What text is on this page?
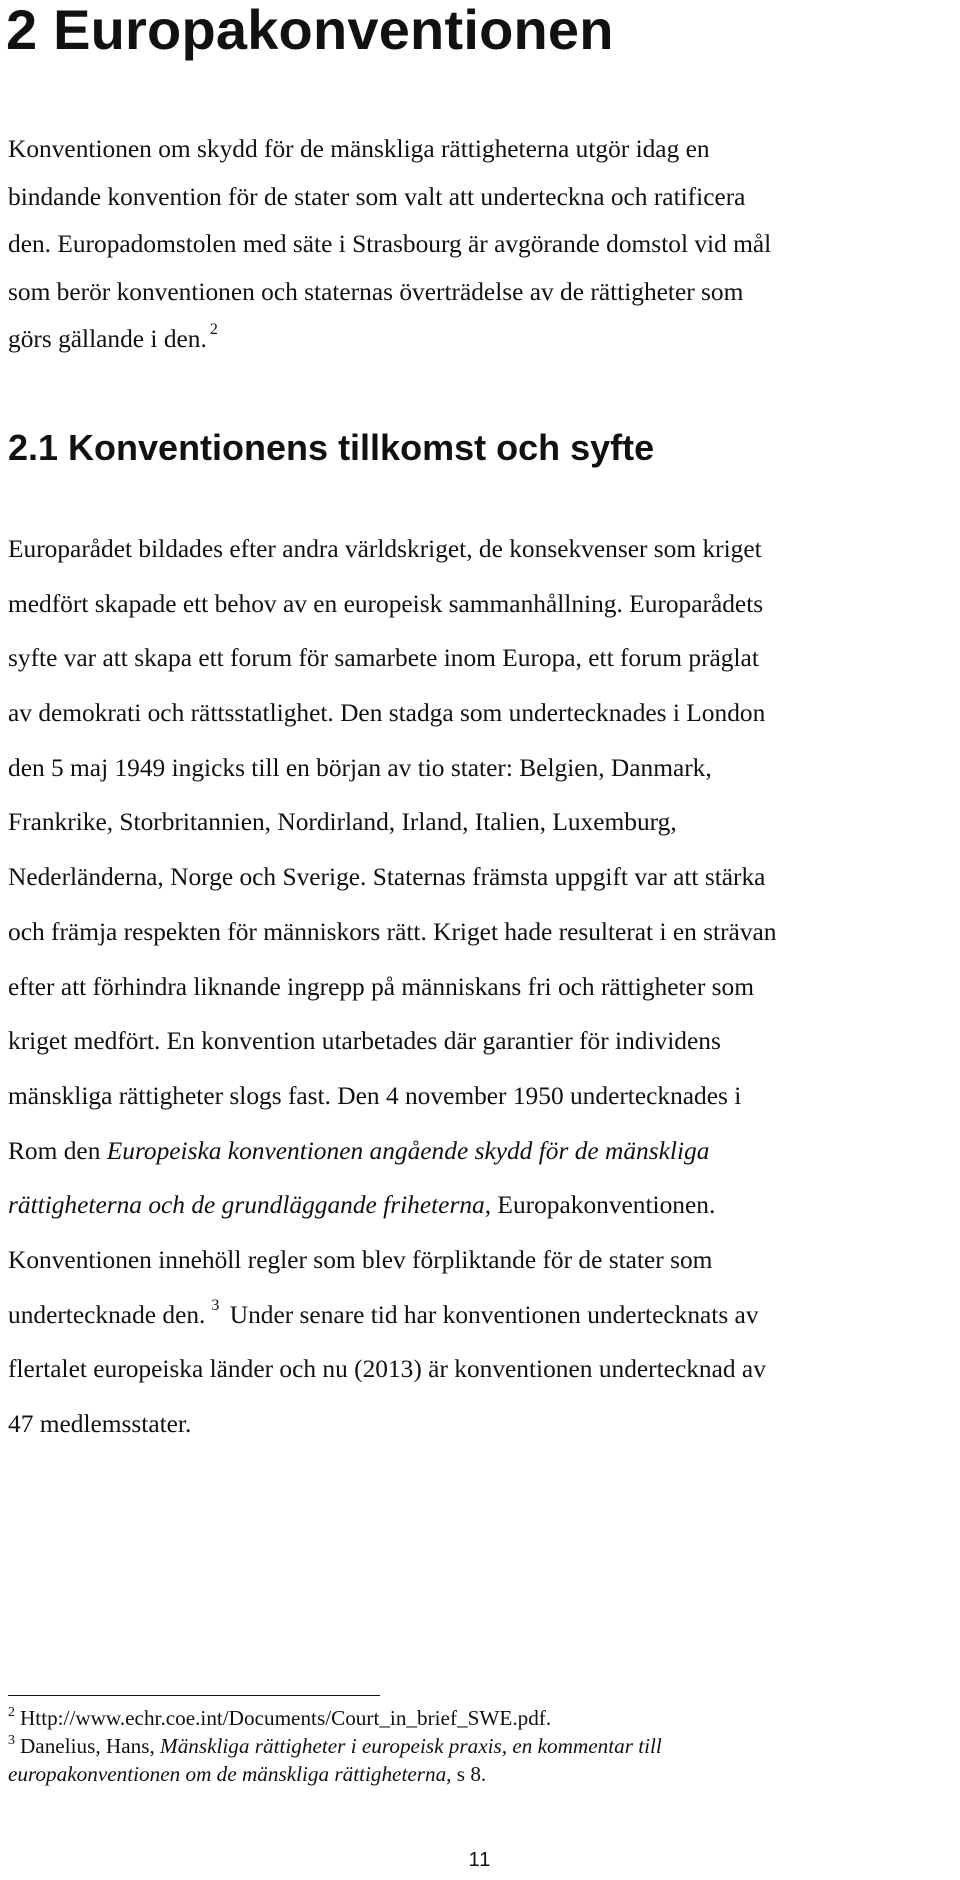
2 Europakonventionen

Konventionen om skydd för de mänskliga rättigheterna utgör idag en
bindande konvention för de stater som valt att underteckna och ratificera
den. Europadomstolen med säte i Strasbourg är avgörande domstol vid mål
som berör konventionen och staternas överträdelse av de rättigheter som
görs gällande i den. $^2$

2.1 Konventionens tillkomst och syfte

Europarådet bildades efter andra världskriget, de konsekvenser som kriget
medfört skapade ett behov av en europeisk sammanhållning. Europarådets
syfte var att skapa ett forum för samarbete inom Europa, ett forum präglat
av demokrati och rättsstatlighet. Den stadga som undertecknades i London
den 5 maj 1949 ingicks till en början av tio stater: Belgien, Danmark,
Frankrike, Storbritannien, Nordirland, Irland, Italien, Luxemburg,
Nederländerna, Norge och Sverige. Staternas främsta uppgift var att stärka
och främja respekten för människors rätt. Kriget hade resulterat i en strävan
efter att förhindra liknande ingrepp på människans fri och rättigheter som
kriget medfört. En konvention utarbetades där garantier för individens
mänskliga rättigheter slogs fast. Den 4 november 1950 undertecknades i
Rom den Europeiska konventionen angående skydd för de mänskliga
rättigheterna och de grundläggande friheterna, Europakonventionen.
Konventionen innehöll regler som blev förpliktande för de stater som
undertecknade den. $^3$ Under senare tid har konventionen undertecknats av
flertalet europeiska länder och nu (2013) är konventionen undertecknad av
47 medlemsstater.

$^2$ Http://www.echr.coe.int/Documents/Court_in_brief_SWE.pdf.
$^3$ Danelius, Hans, Mänskliga rättigheter i europeisk praxis, en kommentar till
europakonventionen om de mänskliga rättigheterna, s 8.
11
